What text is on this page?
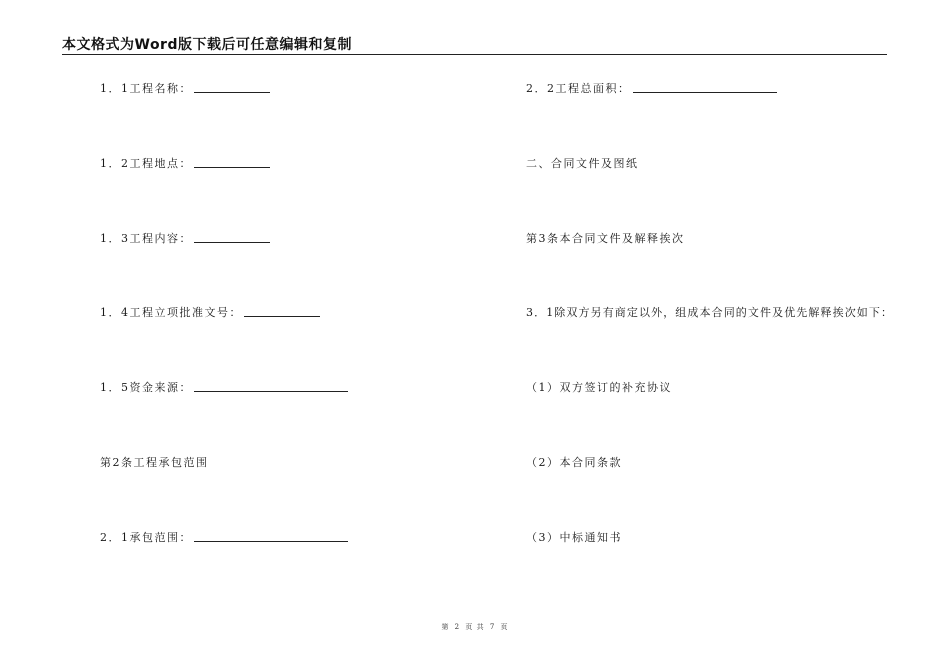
本文格式为Word版下载后可任意编辑和复制
1．1工程名称：
1．2工程地点：
1．3工程内容：
1．4工程立项批准文号：
1．5资金来源：
第2条工程承包范围
2．1承包范围：
2．2工程总面积：
二、合同文件及图纸
第3条本合同文件及解释挨次
3．1除双方另有商定以外，组成本合同的文件及优先解释挨次如下：
（1）双方签订的补充协议
（2）本合同条款
（3）中标通知书
第 2 页 共 7 页
